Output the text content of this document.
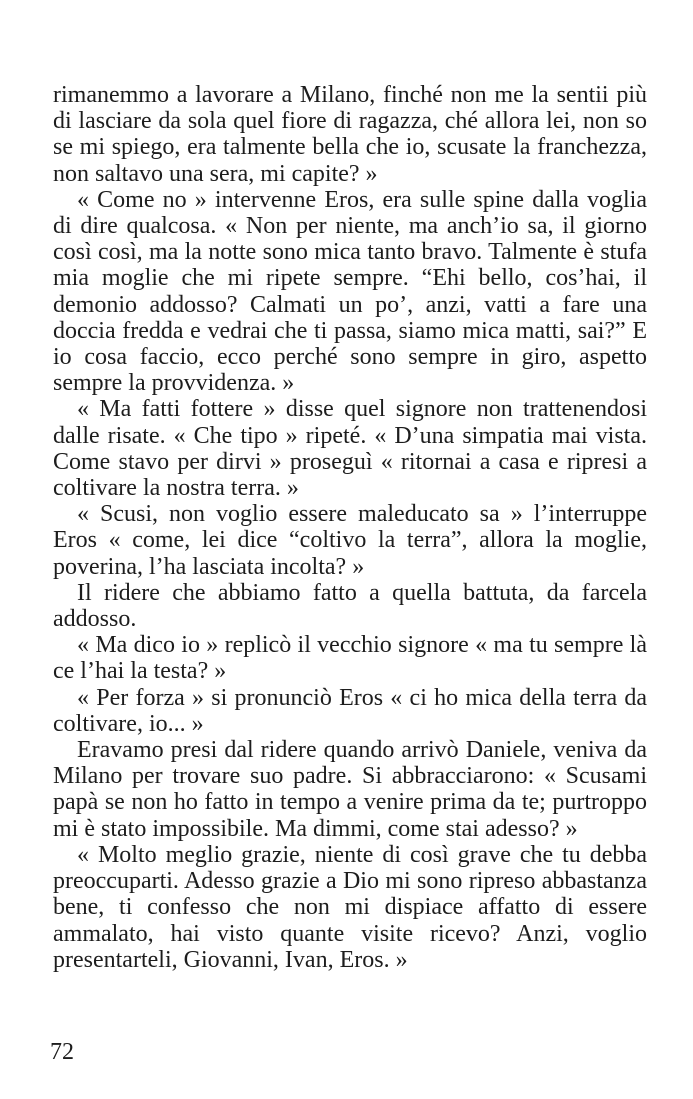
rimanemmo a lavorare a Milano, finché non me la sentii più di lasciare da sola quel fiore di ragazza, ché allora lei, non so se mi spiego, era talmente bella che io, scusate la franchezza, non saltavo una sera, mi capite? »

« Come no » intervenne Eros, era sulle spine dalla voglia di dire qualcosa. « Non per niente, ma anch’io sa, il giorno così così, ma la notte sono mica tanto bravo. Talmente è stufa mia moglie che mi ripete sempre. “Ehi bello, cos’hai, il demonio addosso? Calmati un po’, anzi, vatti a fare una doccia fredda e vedrai che ti passa, siamo mica matti, sai?” E io cosa faccio, ecco perché sono sempre in giro, aspetto sempre la provvidenza. »

« Ma fatti fottere » disse quel signore non trattenendosi dalle risate. « Che tipo » ripeté. « D’una simpatia mai vista. Come stavo per dirvi » proseguì « ritornai a casa e ripresi a coltivare la nostra terra. »

« Scusi, non voglio essere maleducato sa » l’interruppe Eros « come, lei dice “coltivo la terra”, allora la moglie, poverina, l’ha lasciata incolta? »

Il ridere che abbiamo fatto a quella battuta, da farcela addosso.

« Ma dico io » replicò il vecchio signore « ma tu sempre là ce l’hai la testa? »

« Per forza » si pronunciò Eros « ci ho mica della terra da coltivare, io... »

Eravamo presi dal ridere quando arrivò Daniele, veniva da Milano per trovare suo padre. Si abbracciarono: « Scusami papà se non ho fatto in tempo a venire prima da te; purtroppo mi è stato impossibile. Ma dimmi, come stai adesso? »

« Molto meglio grazie, niente di così grave che tu debba preoccuparti. Adesso grazie a Dio mi sono ripreso abbastanza bene, ti confesso che non mi dispiace affatto di essere ammalato, hai visto quante visite ricevo? Anzi, voglio presentarteli, Giovanni, Ivan, Eros. »

72
